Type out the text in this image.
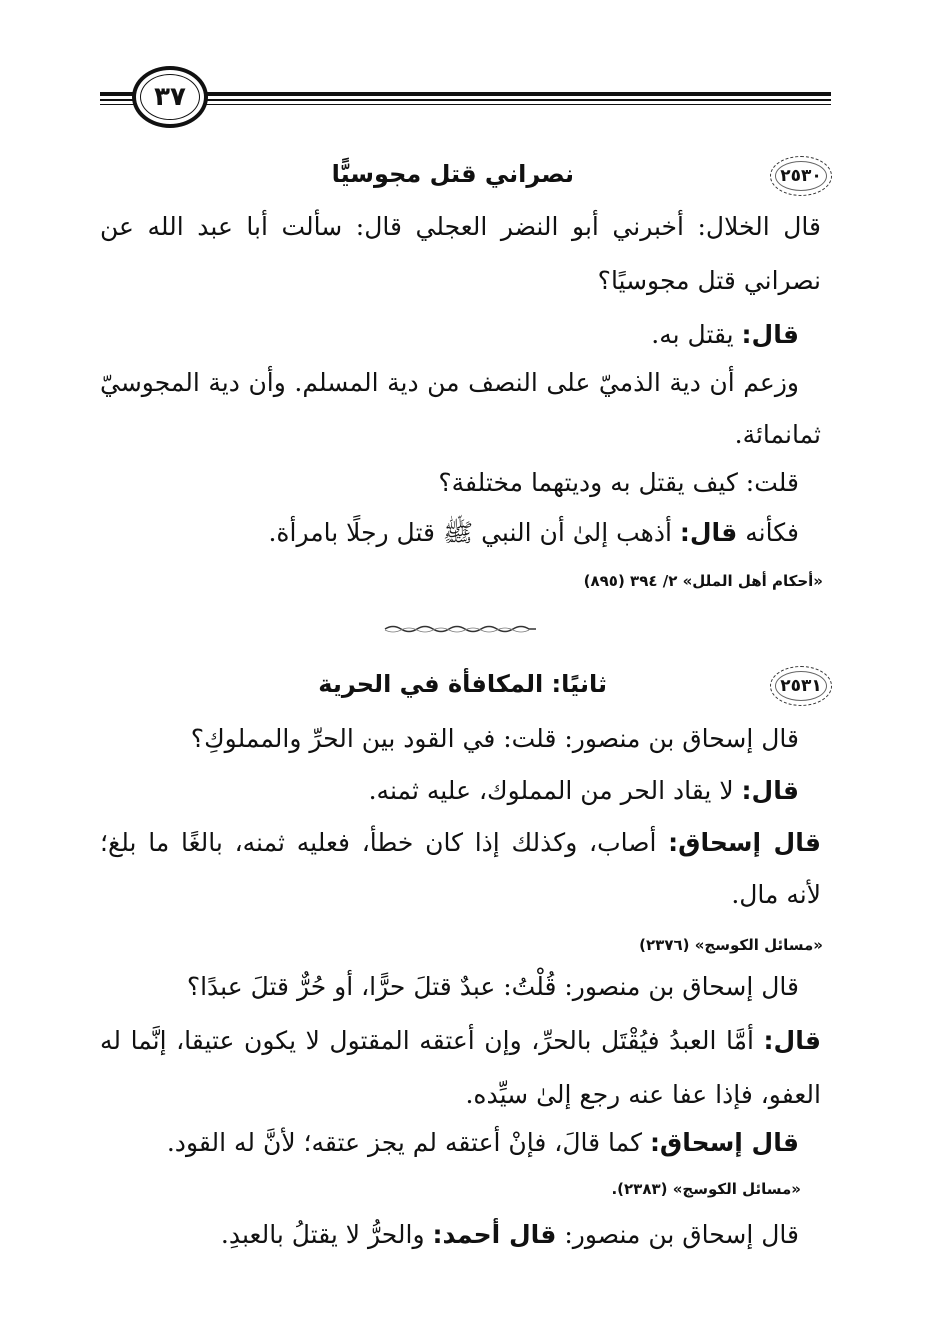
٣٧
٢٥٣٠
نصراني قتل مجوسيًّا
قال الخلال: أخبرني أبو النضر العجلي قال: سألت أبا عبد الله عن
نصراني قتل مجوسيًا؟
قال: يقتل به.
وزعم أن دية الذميّ على النصف من دية المسلم. وأن دية المجوسيّ
ثمانمائة.
قلت: كيف يقتل به وديتهما مختلفة؟
فكأنه قال: أذهب إلىٰ أن النبي ﷺ قتل رجلًا بامرأة.
«أحكام أهل الملل» ٢/ ٣٩٤ (٨٩٥)
٢٥٣١
ثانيًا: المكافأة في الحرية
قال إسحاق بن منصور: قلت: في القود بين الحرِّ والمملوكِ؟
قال: لا يقاد الحر من المملوك، عليه ثمنه.
قال إسحاق: أصاب، وكذلك إذا كان خطأ، فعليه ثمنه، بالغًا ما بلغ؛
لأنه مال.
«مسائل الكوسج» (٢٣٧٦)
قال إسحاق بن منصور: قُلْتُ: عبدٌ قتلَ حرًّا، أو حُرٌّ قتلَ عبدًا؟
قال: أمَّا العبدُ فيُقْتَل بالحرِّ، وإن أعتقه المقتول لا يكون عتيقا، إنَّما له
العفو، فإذا عفا عنه رجع إلىٰ سيِّده.
قال إسحاق: كما قالَ، فإنْ أعتقه لم يجز عتقه؛ لأنَّ له القود.
«مسائل الكوسج» (٢٣٨٣).
قال إسحاق بن منصور: قال أحمد: والحرُّ لا يقتلُ بالعبدِ.
